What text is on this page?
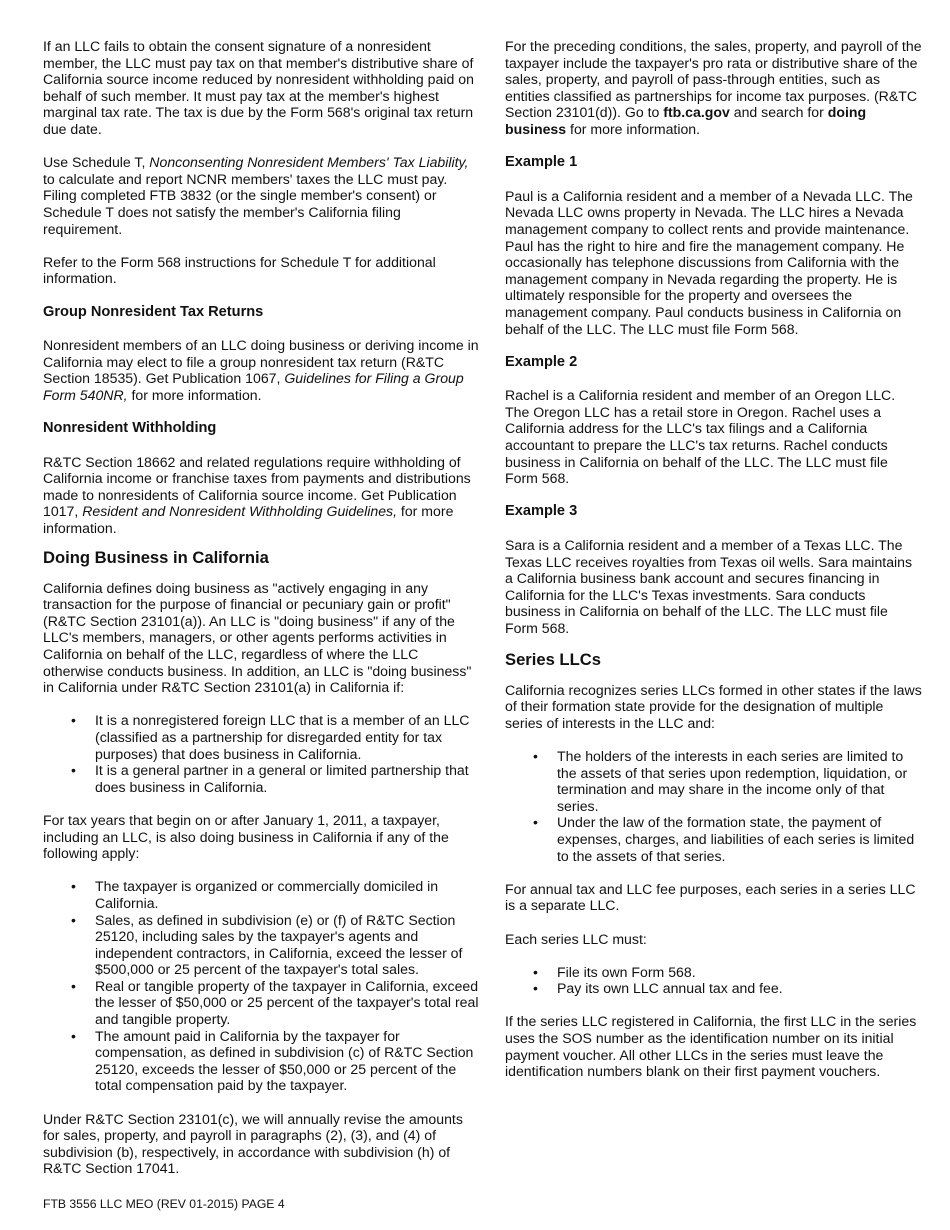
If an LLC fails to obtain the consent signature of a nonresident member, the LLC must pay tax on that member's distributive share of California source income reduced by nonresident withholding paid on behalf of such member. It must pay tax at the member's highest marginal tax rate. The tax is due by the Form 568's original tax return due date.

Use Schedule T, Nonconsenting Nonresident Members' Tax Liability, to calculate and report NCNR members' taxes the LLC must pay. Filing completed FTB 3832 (or the single member's consent) or Schedule T does not satisfy the member's California filing requirement.

Refer to the Form 568 instructions for Schedule T for additional information.

Group Nonresident Tax Returns

Nonresident members of an LLC doing business or deriving income in California may elect to file a group nonresident tax return (R&TC Section 18535). Get Publication 1067, Guidelines for Filing a Group Form 540NR, for more information.

Nonresident Withholding

R&TC Section 18662 and related regulations require withholding of California income or franchise taxes from payments and distributions made to nonresidents of California source income. Get Publication 1017, Resident and Nonresident Withholding Guidelines, for more information.

Doing Business in California

California defines doing business as "actively engaging in any transaction for the purpose of financial or pecuniary gain or profit" (R&TC Section 23101(a)). An LLC is "doing business" if any of the LLC's members, managers, or other agents performs activities in California on behalf of the LLC, regardless of where the LLC otherwise conducts business. In addition, an LLC is "doing business" in California under R&TC Section 23101(a) in California if:

• It is a nonregistered foreign LLC that is a member of an LLC (classified as a partnership for disregarded entity for tax purposes) that does business in California.
• It is a general partner in a general or limited partnership that does business in California.

For tax years that begin on or after January 1, 2011, a taxpayer, including an LLC, is also doing business in California if any of the following apply:

• The taxpayer is organized or commercially domiciled in California.
• Sales, as defined in subdivision (e) or (f) of R&TC Section 25120, including sales by the taxpayer's agents and independent contractors, in California, exceed the lesser of $500,000 or 25 percent of the taxpayer's total sales.
• Real or tangible property of the taxpayer in California, exceed the lesser of $50,000 or 25 percent of the taxpayer's total real and tangible property.
• The amount paid in California by the taxpayer for compensation, as defined in subdivision (c) of R&TC Section 25120, exceeds the lesser of $50,000 or 25 percent of the total compensation paid by the taxpayer.

Under R&TC Section 23101(c), we will annually revise the amounts for sales, property, and payroll in paragraphs (2), (3), and (4) of subdivision (b), respectively, in accordance with subdivision (h) of R&TC Section 17041.

For the preceding conditions, the sales, property, and payroll of the taxpayer include the taxpayer's pro rata or distributive share of the sales, property, and payroll of pass-through entities, such as entities classified as partnerships for income tax purposes. (R&TC Section 23101(d)). Go to ftb.ca.gov and search for doing business for more information.

Example 1

Paul is a California resident and a member of a Nevada LLC. The Nevada LLC owns property in Nevada. The LLC hires a Nevada management company to collect rents and provide maintenance. Paul has the right to hire and fire the management company. He occasionally has telephone discussions from California with the management company in Nevada regarding the property. He is ultimately responsible for the property and oversees the management company. Paul conducts business in California on behalf of the LLC. The LLC must file Form 568.

Example 2

Rachel is a California resident and member of an Oregon LLC. The Oregon LLC has a retail store in Oregon. Rachel uses a California address for the LLC's tax filings and a California accountant to prepare the LLC's tax returns. Rachel conducts business in California on behalf of the LLC. The LLC must file Form 568.

Example 3

Sara is a California resident and a member of a Texas LLC. The Texas LLC receives royalties from Texas oil wells. Sara maintains a California business bank account and secures financing in California for the LLC's Texas investments. Sara conducts business in California on behalf of the LLC. The LLC must file Form 568.

Series LLCs

California recognizes series LLCs formed in other states if the laws of their formation state provide for the designation of multiple series of interests in the LLC and:

• The holders of the interests in each series are limited to the assets of that series upon redemption, liquidation, or termination and may share in the income only of that series.
• Under the law of the formation state, the payment of expenses, charges, and liabilities of each series is limited to the assets of that series.

For annual tax and LLC fee purposes, each series in a series LLC is a separate LLC.

Each series LLC must:

• File its own Form 568.
• Pay its own LLC annual tax and fee.

If the series LLC registered in California, the first LLC in the series uses the SOS number as the identification number on its initial payment voucher. All other LLCs in the series must leave the identification numbers blank on their first payment vouchers.

FTB 3556 LLC MEO (REV 01-2015) PAGE 4
